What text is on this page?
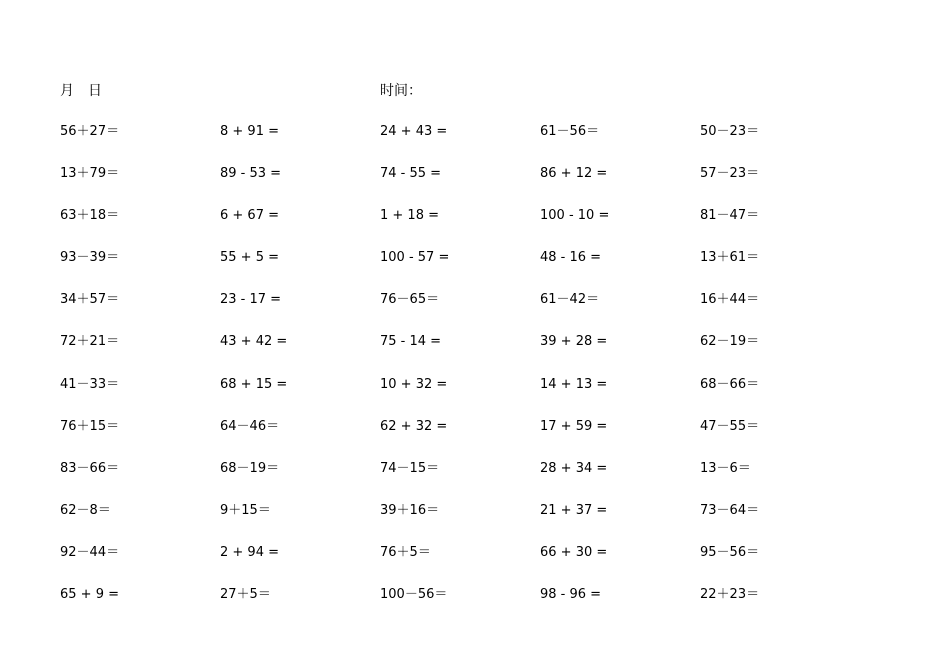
月　日	时间：
56＋27＝	8 + 91 =	24 + 43 =	61－56＝	50－23＝
13＋79＝	89 - 53 =	74 - 55 =	86 + 12 =	57－23＝
63＋18＝	6 + 67 =	1 + 18 =	100 - 10 =	81－47＝
93－39＝	55 + 5 =	100 - 57 =	48 - 16 =	13＋61＝
34＋57＝	23 - 17 =	76－65＝	61－42＝	16＋44＝
72＋21＝	43 + 42 =	75 - 14 =	39 + 28 =	62－19＝
41－33＝	68 + 15 =	10 + 32 =	14 + 13 =	68－66＝
76＋15＝	64－46＝	62 + 32 =	17 + 59 =	47－55＝
83－66＝	68－19＝	74－15＝	28 + 34 =	13－6＝
62－8＝	9＋15＝	39＋16＝	21 + 37 =	73－64＝
92－44＝	2 + 94 =	76＋5＝	66 + 30 =	95－56＝
65 + 9 =	27＋5＝	100－56＝	98 - 96 =	22＋23＝
